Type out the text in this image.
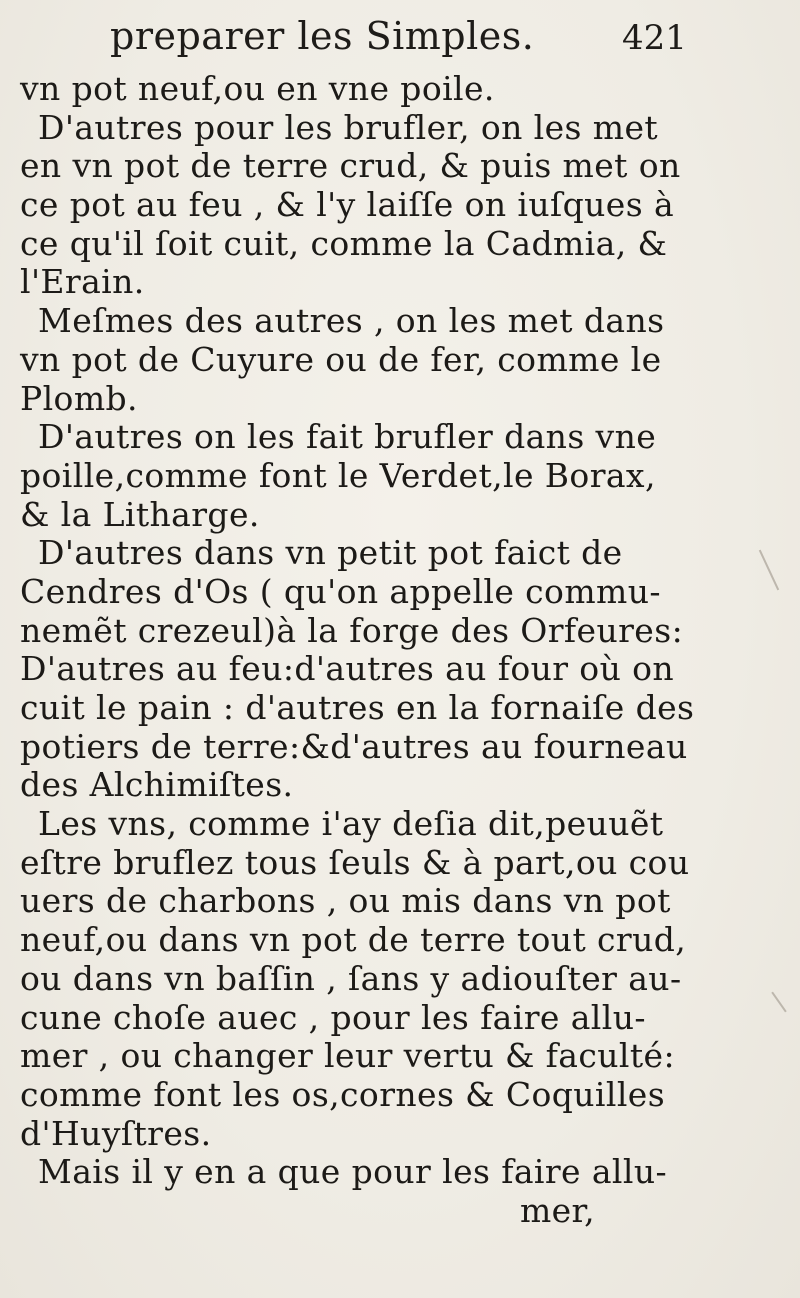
preparer les Simples.	421
vn pot neuf,ou en vne poile.
D'autres pour les brufler, on les met
en vn pot de terre crud, & puis met on
ce pot au feu , & l'y laiſſe on iuſques à
ce qu'il ſoit cuit, comme la Cadmia, &
l'Erain.
Meſmes des autres , on les met dans
vn pot de Cuyure ou de fer, comme le
Plomb.
D'autres on les fait brufler dans vne
poille,comme font le Verdet,le Borax,
& la Litharge.
D'autres dans vn petit pot faict de
Cendres d'Os ( qu'on appelle commu-
nemẽt crezeul)à la forge des Orfeures:
D'autres au feu:d'autres au four où on
cuit le pain : d'autres en la fornaiſe des
potiers de terre:&d'autres au fourneau
des Alchimiſtes.
Les vns, comme i'ay deſia dit,peuuẽt
eſtre bruflez tous ſeuls & à part,ou cou
uers de charbons , ou mis dans vn pot
neuf,ou dans vn pot de terre tout crud,
ou dans vn baſſin , ſans y adiouſter au-
cune choſe auec , pour les faire allu-
mer , ou changer leur vertu & faculté:
comme font les os,cornes & Coquilles
d'Huyſtres.
Mais il y en a que pour les faire allu-
mer,
